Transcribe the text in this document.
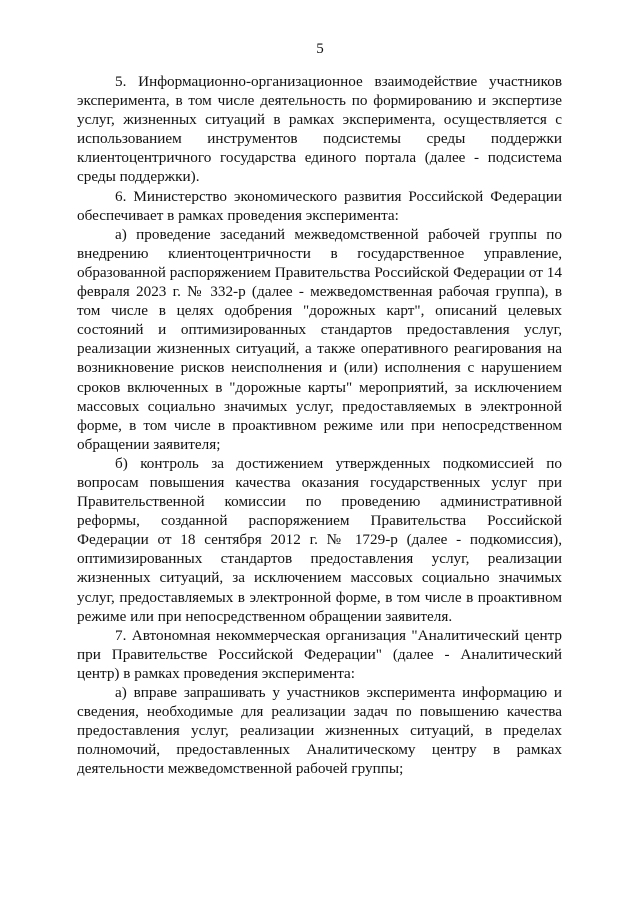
5

5. Информационно-организационное взаимодействие участников эксперимента, в том числе деятельность по формированию и экспертизе услуг, жизненных ситуаций в рамках эксперимента, осуществляется с использованием инструментов подсистемы среды поддержки клиентоцентричного государства единого портала (далее - подсистема среды поддержки).

6. Министерство экономического развития Российской Федерации обеспечивает в рамках проведения эксперимента:

а) проведение заседаний межведомственной рабочей группы по внедрению клиентоцентричности в государственное управление, образованной распоряжением Правительства Российской Федерации от 14 февраля 2023 г. № 332-р (далее - межведомственная рабочая группа), в том числе в целях одобрения "дорожных карт", описаний целевых состояний и оптимизированных стандартов предоставления услуг, реализации жизненных ситуаций, а также оперативного реагирования на возникновение рисков неисполнения и (или) исполнения с нарушением сроков включенных в "дорожные карты" мероприятий, за исключением массовых социально значимых услуг, предоставляемых в электронной форме, в том числе в проактивном режиме или при непосредственном обращении заявителя;

б) контроль за достижением утвержденных подкомиссией по вопросам повышения качества оказания государственных услуг при Правительственной комиссии по проведению административной реформы, созданной распоряжением Правительства Российской Федерации от 18 сентября 2012 г. № 1729-р (далее - подкомиссия), оптимизированных стандартов предоставления услуг, реализации жизненных ситуаций, за исключением массовых социально значимых услуг, предоставляемых в электронной форме, в том числе в проактивном режиме или при непосредственном обращении заявителя.

7. Автономная некоммерческая организация "Аналитический центр при Правительстве Российской Федерации" (далее - Аналитический центр) в рамках проведения эксперимента:

а) вправе запрашивать у участников эксперимента информацию и сведения, необходимые для реализации задач по повышению качества предоставления услуг, реализации жизненных ситуаций, в пределах полномочий, предоставленных Аналитическому центру в рамках деятельности межведомственной рабочей группы;
